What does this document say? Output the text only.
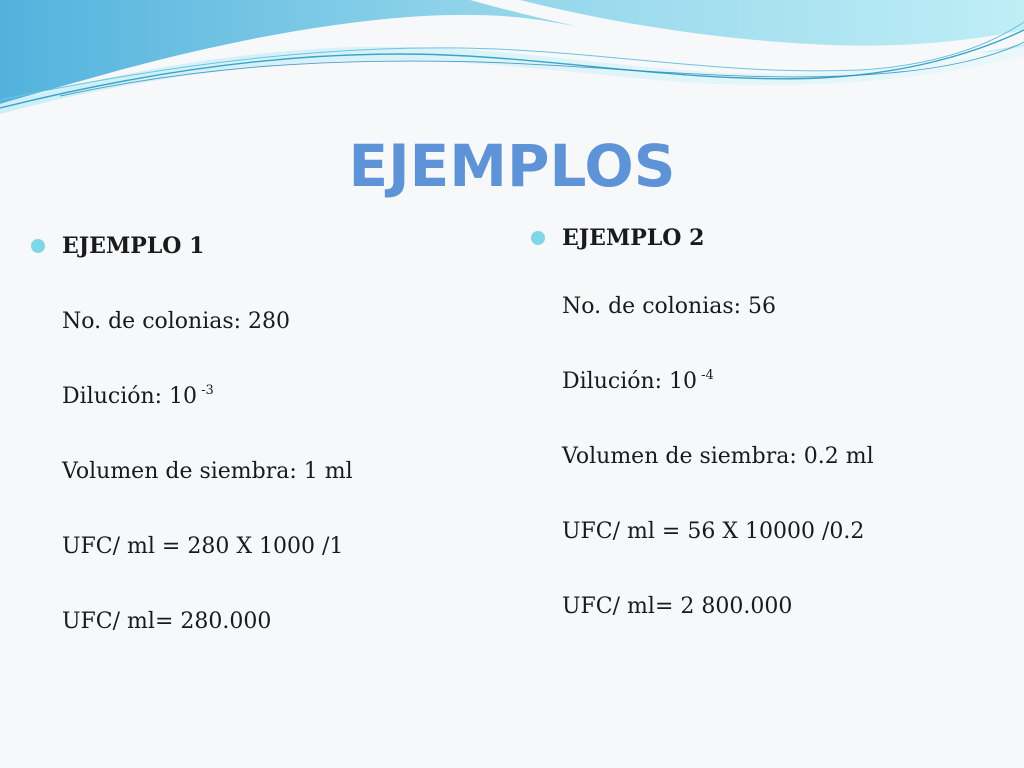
EJEMPLOS
EJEMPLO 1
No. de colonias: 280
Dilución: 10 $^{-3}$
Volumen de siembra: 1 ml
UFC/ ml = 280 X 1000 /1
UFC/ ml= 280.000
EJEMPLO 2
No. de colonias: 56
Dilución: 10 $^{-4}$
Volumen de siembra: 0.2 ml
UFC/ ml = 56 X 10000 /0.2
UFC/ ml= 2 800.000
